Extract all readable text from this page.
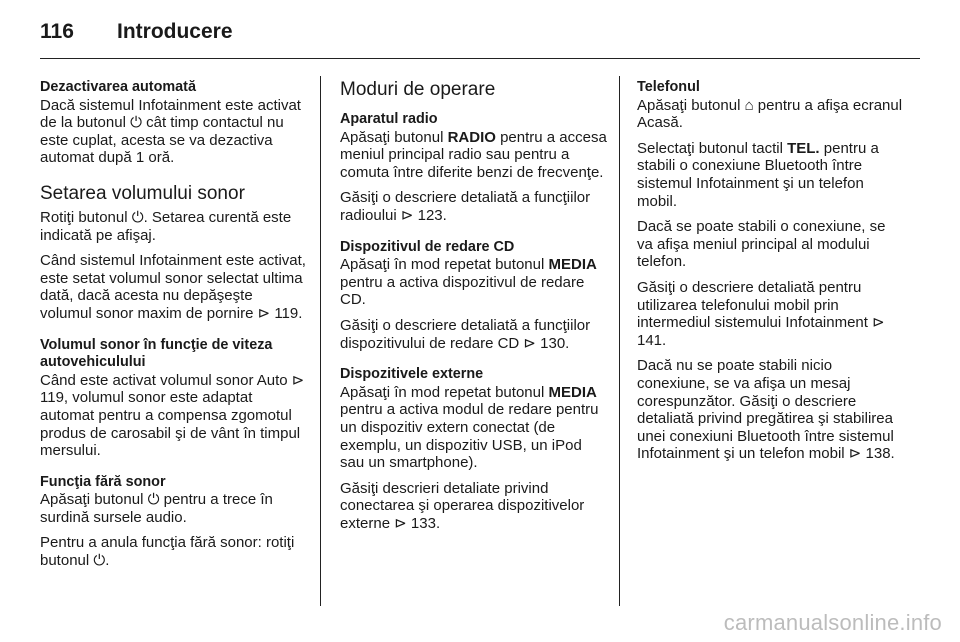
116 Introducere
Dezactivarea automată

Dacă sistemul Infotainment este activat de la butonul ⏻ cât timp contactul nu este cuplat, acesta se va dezactiva automat după 1 oră.

Setarea volumului sonor

Rotiţi butonul ⏻. Setarea curentă este indicată pe afişaj.

Când sistemul Infotainment este activat, este setat volumul sonor selectat ultima dată, dacă acesta nu depăşeşte volumul sonor maxim de pornire ⊳ 119.

Volumul sonor în funcţie de viteza autovehiculului

Când este activat volumul sonor Auto ⊳ 119, volumul sonor este adaptat automat pentru a compensa zgomotul produs de carosabil şi de vânt în timpul mersului.

Funcţia fără sonor

Apăsaţi butonul ⏻ pentru a trece în surdină sursele audio.

Pentru a anula funcţia fără sonor: rotiţi butonul ⏻.

Moduri de operare
Aparatul radio

Apăsaţi butonul RADIO pentru a accesa meniul principal radio sau pentru a comuta între diferite benzi de frecvenţe.

Găsiţi o descriere detaliată a funcţiilor radioului ⊳ 123.

Dispozitivul de redare CD

Apăsaţi în mod repetat butonul MEDIA pentru a activa dispozitivul de redare CD.

Găsiţi o descriere detaliată a funcţiilor dispozitivului de redare CD ⊳ 130.

Dispozitivele externe

Apăsaţi în mod repetat butonul MEDIA pentru a activa modul de redare pentru un dispozitiv extern conectat (de exemplu, un dispozitiv USB, un iPod sau un smartphone).

Găsiţi descrieri detaliate privind conectarea şi operarea dispozitivelor externe ⊳ 133.

Telefonul

Apăsaţi butonul ⌂ pentru a afişa ecranul Acasă.

Selectaţi butonul tactil TEL. pentru a stabili o conexiune Bluetooth între sistemul Infotainment şi un telefon mobil.

Dacă se poate stabili o conexiune, se va afişa meniul principal al modului telefon.

Găsiţi o descriere detaliată pentru utilizarea telefonului mobil prin intermediul sistemului Infotainment ⊳ 141.

Dacă nu se poate stabili nicio conexiune, se va afişa un mesaj corespunzător. Găsiţi o descriere detaliată privind pregătirea şi stabilirea unei conexiuni Bluetooth între sistemul Infotainment şi un telefon mobil ⊳ 138.

carmanualsonline.info
